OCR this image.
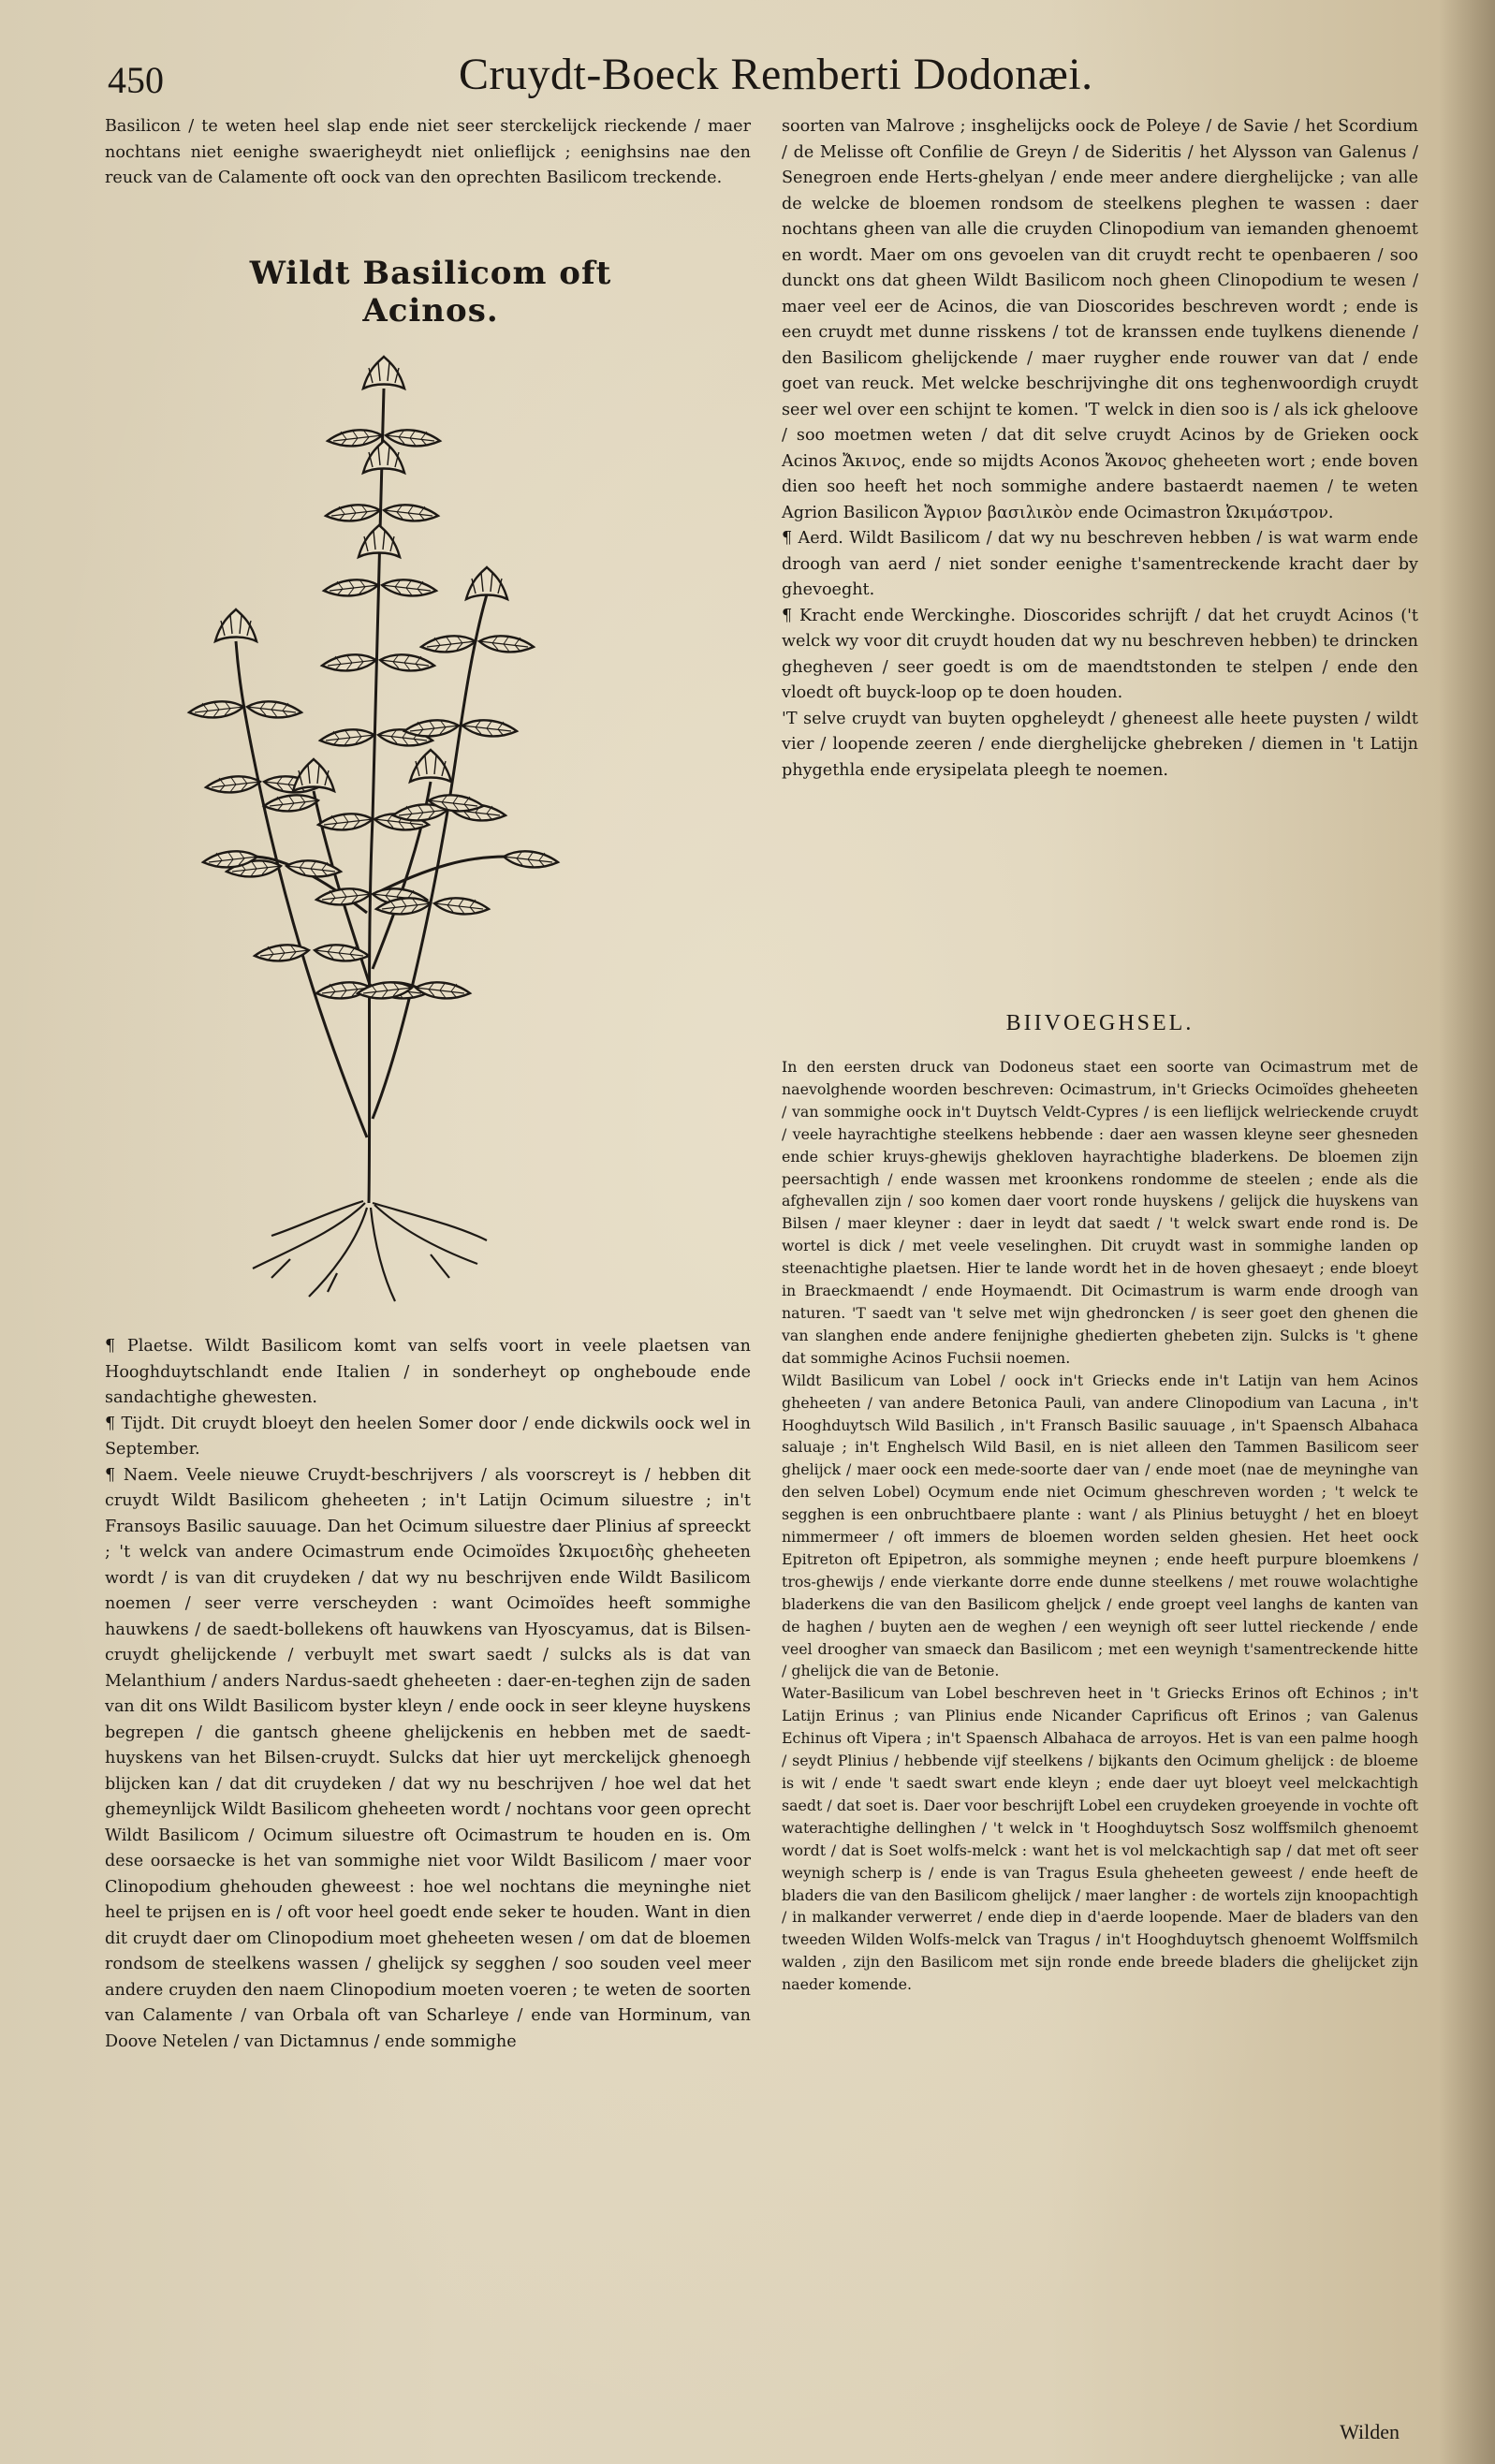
450	Cruydt-Boeck Remberti Dodonæi.

Basilicon / te weten heel slap ende niet seer sterckelijck rieckende / maer nochtans niet eenighe swaerigheydt niet onlieflijck ; eenighsins nae den reuck van de Calamente oft oock van den oprechten Basilicom treckende.

Wildt Basilicom oft Acinos.

¶ Plaetse. Wildt Basilicom komt van selfs voort in veele plaetsen van Hooghduytschlandt ende Italien / in sonderheyt op ongheboude ende sandachtighe ghewesten.

¶ Tijdt. Dit cruydt bloeyt den heelen Somer door / ende dickwils oock wel in September.

¶ Naem. Veele nieuwe Cruydt-beschrijvers / als voorscreyt is / hebben dit cruydt Wildt Basilicom gheheeten ; in't Latijn Ocimum siluestre ; in't Fransoys Basilic sauuage. Dan het Ocimum siluestre daer Plinius af spreeckt ; 't welck van andere Ocimastrum ende Ocimoïdes Ὠκιμοειδὴς gheheeten wordt / is van dit cruydeken / dat wy nu beschrijven ende Wildt Basilicom noemen / seer verre verscheyden : want Ocimoïdes heeft sommighe hauwkens / de saedt-bollekens oft hauwkens van Hyoscyamus, dat is Bilsen-cruydt ghelijckende / verbuylt met swart saedt / sulcks als is dat van Melanthium / anders Nardus-saedt gheheeten : daer-en-teghen zijn de saden van dit ons Wildt Basilicom byster kleyn / ende oock in seer kleyne huyskens begrepen / die gantsch gheene ghelijckenis en hebben met de saedt-huyskens van het Bilsen-cruydt. Sulcks dat hier uyt merckelijck ghenoegh blijcken kan / dat dit cruydeken / dat wy nu beschrijven / hoe wel dat het ghemeynlijck Wildt Basilicom gheheeten wordt / nochtans voor geen oprecht Wildt Basilicom / Ocimum siluestre oft Ocimastrum te houden en is. Om dese oorsaecke is het van sommighe niet voor Wildt Basilicom / maer voor Clinopodium ghehouden gheweest : hoe wel nochtans die meyninghe niet heel te prijsen en is / oft voor heel goedt ende seker te houden. Want in dien dit cruydt daer om Clinopodium moet gheheeten wesen / om dat de bloemen rondsom de steelkens wassen / ghelijck sy segghen / soo souden veel meer andere cruyden den naem Clinopodium moeten voeren ; te weten de soorten van Calamente / van Orbala oft van Scharleye / ende van Horminum, van Doove Netelen / van Dictamnus / ende sommighe

soorten van Malrove ; insghelijcks oock de Poleye / de Savie / het Scordium / de Melisse oft Confilie de Greyn / de Sideritis / het Alysson van Galenus / Senegroen ende Herts-ghelyan / ende meer andere dierghelijcke ; van alle de welcke de bloemen rondsom de steelkens pleghen te wassen : daer nochtans gheen van alle die cruyden Clinopodium van iemanden ghenoemt en wordt. Maer om ons gevoelen van dit cruydt recht te openbaeren / soo dunckt ons dat gheen Wildt Basilicom noch gheen Clinopodium te wesen / maer veel eer de Acinos, die van Dioscorides beschreven wordt ; ende is een cruydt met dunne risskens / tot de kranssen ende tuylkens dienende / den Basilicom ghelijckende / maer ruygher ende rouwer van dat / ende goet van reuck. Met welcke beschrijvinghe dit ons teghenwoordigh cruydt seer wel over een schijnt te komen. 'T welck in dien soo is / als ick gheloove / soo moetmen weten / dat dit selve cruydt Acinos by de Grieken oock Acinos Ἄκινος, ende so mijdts Aconos Ἄκονος gheheeten wort ; ende boven dien soo heeft het noch sommighe andere bastaerdt naemen / te weten Agrion Basilicon Ἄγριον βασιλικὸν ende Ocimastron Ὠκιμάστρον.

¶ Aerd. Wildt Basilicom / dat wy nu beschreven hebben / is wat warm ende droogh van aerd / niet sonder eenighe t'samentreckende kracht daer by ghevoeght.

¶ Kracht ende Werckinghe. Dioscorides schrijft / dat het cruydt Acinos ('t welck wy voor dit cruydt houden dat wy nu beschreven hebben) te drincken ghegheven / seer goedt is om de maendtstonden te stelpen / ende den vloedt oft buyck-loop op te doen houden.

'T selve cruydt van buyten opgheleydt / gheneest alle heete puysten / wildt vier / loopende zeeren / ende dierghelijcke ghebreken / diemen in 't Latijn phygethla ende erysipelata pleegh te noemen.

BIIVOEGHSEL.

In den eersten druck van Dodoneus staet een soorte van Ocimastrum met de naevolghende woorden beschreven: Ocimastrum, in't Griecks Ocimoïdes gheheeten / van sommighe oock in't Duytsch Veldt-Cypres / is een lieflijck welrieckende cruydt / veele hayrachtighe steelkens hebbende : daer aen wassen kleyne seer ghesneden ende schier kruys-ghewijs ghekloven hayrachtighe bladerkens. De bloemen zijn peersachtigh / ende wassen met kroonkens rondomme de steelen ; ende als die afghevallen zijn / soo komen daer voort ronde huyskens / gelijck die huyskens van Bilsen / maer kleyner : daer in leydt dat saedt / 't welck swart ende rond is. De wortel is dick / met veele veselinghen. Dit cruydt wast in sommighe landen op steenachtighe plaetsen. Hier te lande wordt het in de hoven ghesaeyt ; ende bloeyt in Braeckmaendt / ende Hoymaendt. Dit Ocimastrum is warm ende droogh van naturen. 'T saedt van 't selve met wijn ghedroncken / is seer goet den ghenen die van slanghen ende andere fenijnighe ghedierten ghebeten zijn. Sulcks is 't ghene dat sommighe Acinos Fuchsii noemen.

Wildt Basilicum van Lobel / oock in't Griecks ende in't Latijn van hem Acinos gheheeten / van andere Betonica Pauli, van andere Clinopodium van Lacuna , in't Hooghduytsch Wild Basilich , in't Fransch Basilic sauuage , in't Spaensch Albahaca saluaje ; in't Enghelsch Wild Basil, en is niet alleen den Tammen Basilicom seer ghelijck / maer oock een mede-soorte daer van / ende moet (nae de meyninghe van den selven Lobel) Ocymum ende niet Ocimum gheschreven worden ; 't welck te segghen is een onbruchtbaere plante : want / als Plinius betuyght / het en bloeyt nimmermeer / oft immers de bloemen worden selden ghesien. Het heet oock Epitreton oft Epipetron, als sommighe meynen ; ende heeft purpure bloemkens / tros-ghewijs / ende vierkante dorre ende dunne steelkens / met rouwe wolachtighe bladerkens die van den Basilicom gheljck / ende groept veel langhs de kanten van de haghen / buyten aen de weghen / een weynigh oft seer luttel rieckende / ende veel droogher van smaeck dan Basilicom ; met een weynigh t'samentreckende hitte / ghelijck die van de Betonie.

Water-Basilicum van Lobel beschreven heet in 't Griecks Erinos oft Echinos ; in't Latijn Erinus ; van Plinius ende Nicander Caprificus oft Erinos ; van Galenus Echinus oft Vipera ; in't Spaensch Albahaca de arroyos. Het is van een palme hoogh / seydt Plinius / hebbende vijf steelkens / bijkants den Ocimum ghelijck : de bloeme is wit / ende 't saedt swart ende kleyn ; ende daer uyt bloeyt veel melckachtigh saedt / dat soet is. Daer voor beschrijft Lobel een cruydeken groeyende in vochte oft waterachtighe dellinghen / 't welck in 't Hooghduytsch Sosz wolffsmilch ghenoemt wordt / dat is Soet wolfs-melck : want het is vol melckachtigh sap / dat met oft seer weynigh scherp is / ende is van Tragus Esula gheheeten geweest / ende heeft de bladers die van den Basilicom ghelijck / maer langher : de wortels zijn knoopachtigh / in malkander verwerret / ende diep in d'aerde loopende. Maer de bladers van den tweeden Wilden Wolfs-melck van Tragus / in't Hooghduytsch ghenoemt Wolffsmilch walden , zijn den Basilicom met sijn ronde ende breede bladers die ghelijcket zijn naeder komende.

Wilden
